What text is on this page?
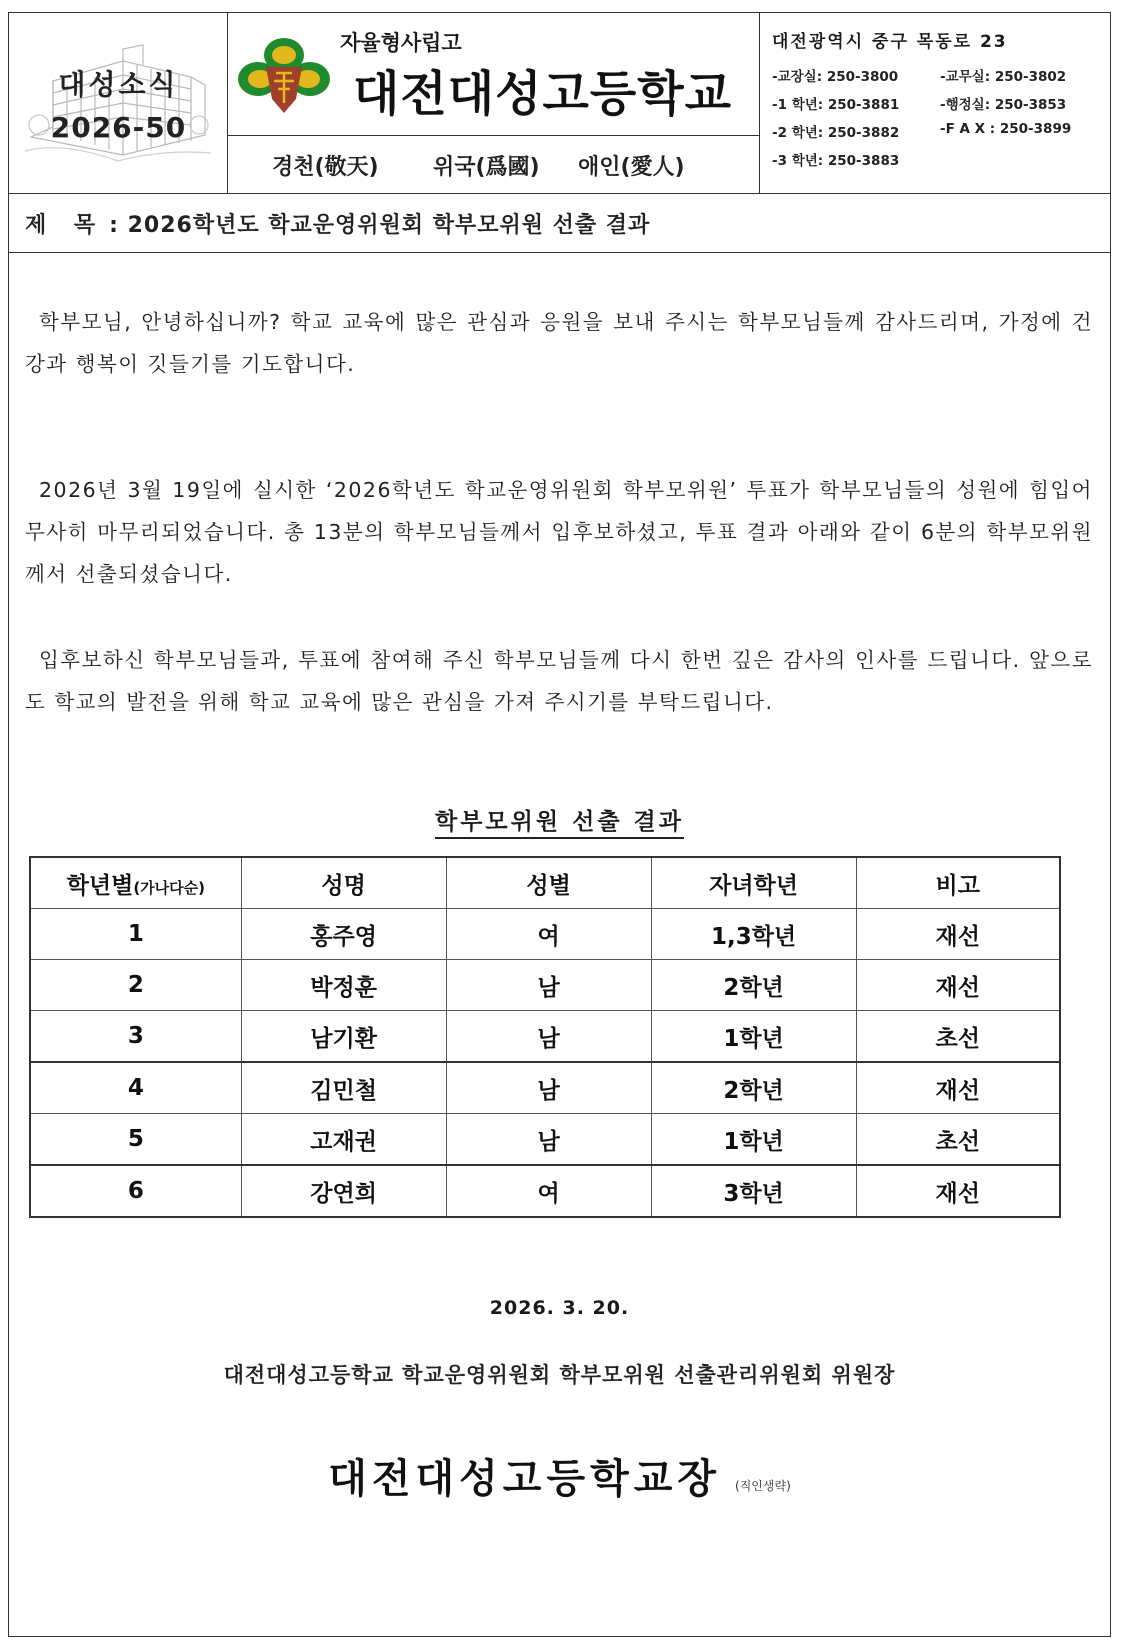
대성소식
2026-50
자율형사립고
대전대성고등학교
경천(敬天) 위국(爲國) 애인(愛人)
대전광역시 중구 목동로 23
-교장실: 250-3800	-교무실: 250-3802
-1 학년: 250-3881	-행정실: 250-3853
-2 학년: 250-3882	-F A X : 250-3899
-3 학년: 250-3883
제 목 : 2026학년도 학교운영위원회 학부모위원 선출 결과
학부모님, 안녕하십니까? 학교 교육에 많은 관심과 응원을 보내 주시는 학부모님들께 감사드리며, 가정에 건강과 행복이 깃들기를 기도합니다.
2026년 3월 19일에 실시한 ‘2026학년도 학교운영위원회 학부모위원’ 투표가 학부모님들의 성원에 힘입어 무사히 마무리되었습니다. 총 13분의 학부모님들께서 입후보하셨고, 투표 결과 아래와 같이 6분의 학부모위원께서 선출되셨습니다.
입후보하신 학부모님들과, 투표에 참여해 주신 학부모님들께 다시 한번 깊은 감사의 인사를 드립니다. 앞으로도 학교의 발전을 위해 학교 교육에 많은 관심을 가져 주시기를 부탁드립니다.
학부모위원 선출 결과
학년별(가나다순)	성명	성별	자녀학년	비고
1	홍주영	여	1,3학년	재선
2	박정훈	남	2학년	재선
3	남기환	남	1학년	초선
4	김민철	남	2학년	재선
5	고재권	남	1학년	초선
6	강연희	여	3학년	재선
2026. 3. 20.
대전대성고등학교 학교운영위원회 학부모위원 선출관리위원회 위원장
대전대성고등학교장 (직인생략)
